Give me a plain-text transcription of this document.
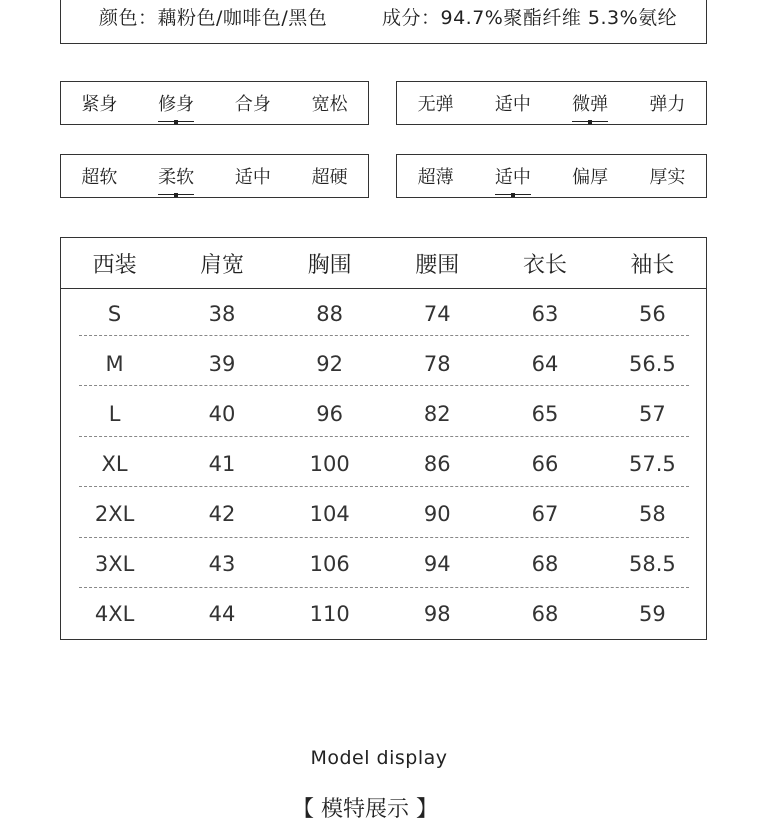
颜色：藕粉色/咖啡色/黑色	成分：94.7%聚酯纤维 5.3%氨纶
紧身	修身	合身	宽松	无弹	适中	微弹	弹力
超软	柔软	适中	超硬	超薄	适中	偏厚	厚实
西装	肩宽	胸围	腰围	衣长	袖长
S	38	88	74	63	56
M	39	92	78	64	56.5
L	40	96	82	65	57
XL	41	100	86	66	57.5
2XL	42	104	90	67	58
3XL	43	106	94	68	58.5
4XL	44	110	98	68	59
Model display
【 模特展示 】
